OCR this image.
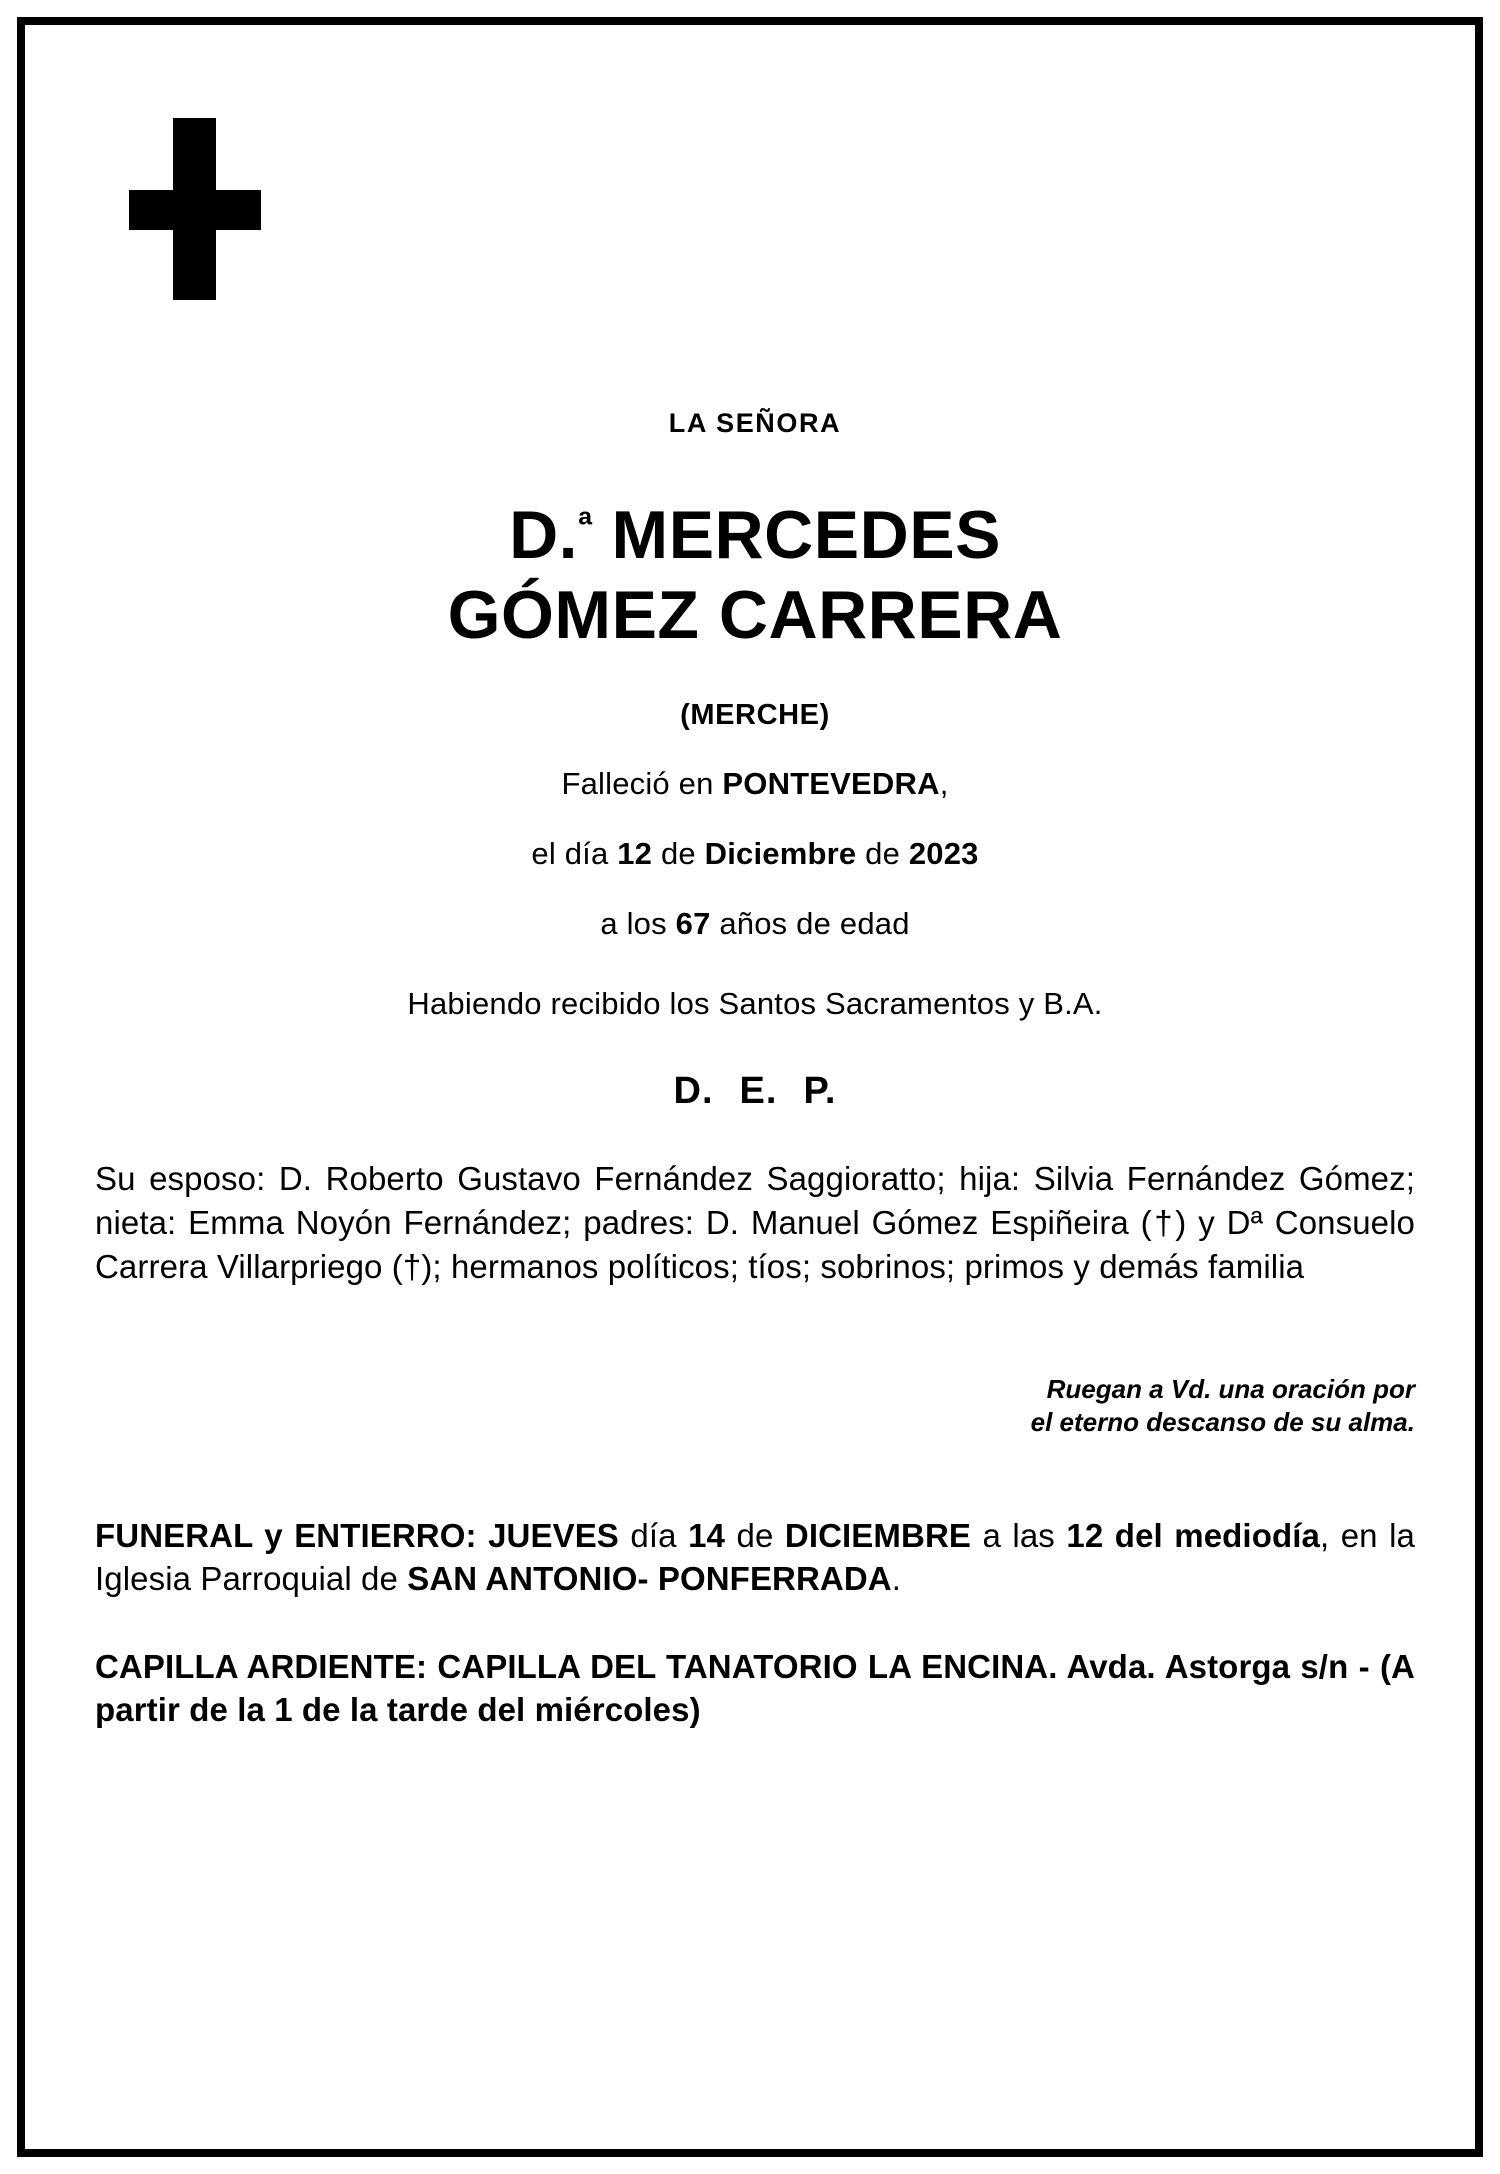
LA SEÑORA
D.$^ª$ MERCEDES
GÓMEZ CARRERA
(MERCHE)
Falleció en PONTEVEDRA,
el día 12 de Diciembre de 2023
a los 67 años de edad
Habiendo recibido los Santos Sacramentos y B.A.
D. E. P.
Su esposo: D. Roberto Gustavo Fernández Saggioratto; hija: Silvia Fernández Gómez; nieta: Emma Noyón Fernández; padres: D. Manuel Gómez Espiñeira (†) y Dª Consuelo Carrera Villarpriego (†); hermanos políticos; tíos; sobrinos; primos y demás familia
Ruegan a Vd. una oración por
el eterno descanso de su alma.
FUNERAL y ENTIERRO: JUEVES día 14 de DICIEMBRE a las 12 del mediodía, en la Iglesia Parroquial de SAN ANTONIO- PONFERRADA.
CAPILLA ARDIENTE: CAPILLA DEL TANATORIO LA ENCINA. Avda. Astorga s/n - (A partir de la 1 de la tarde del miércoles)
